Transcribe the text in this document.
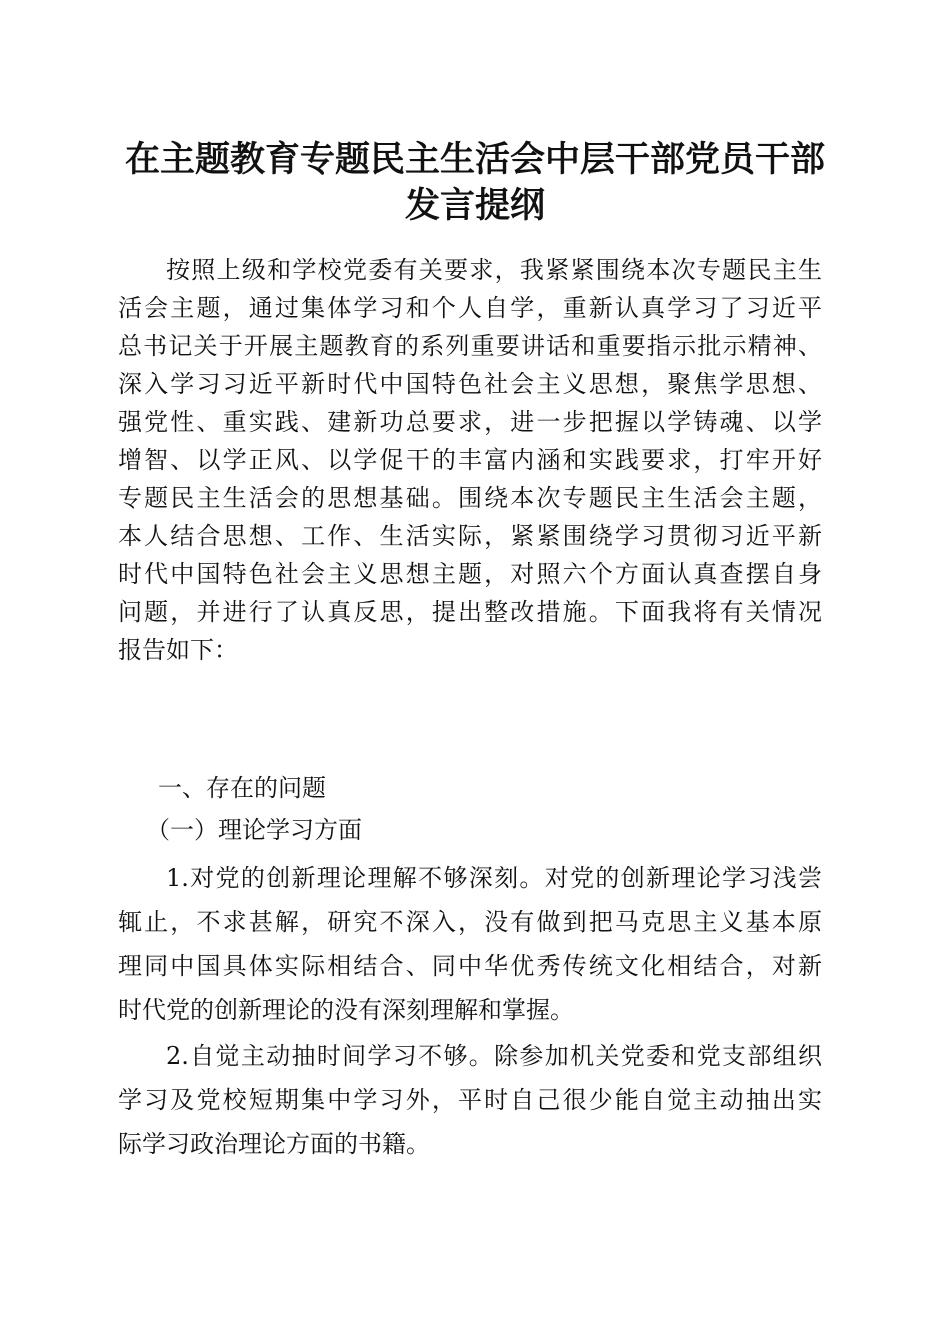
在主题教育专题民主生活会中层干部党员干部
发言提纲
按照上级和学校党委有关要求，我紧紧围绕本次专题民主生
活会主题，通过集体学习和个人自学，重新认真学习了习近平
总书记关于开展主题教育的系列重要讲话和重要指示批示精神、
深入学习习近平新时代中国特色社会主义思想，聚焦学思想、
强党性、重实践、建新功总要求，进一步把握以学铸魂、以学
增智、以学正风、以学促干的丰富内涵和实践要求，打牢开好
专题民主生活会的思想基础。围绕本次专题民主生活会主题，
本人结合思想、工作、生活实际，紧紧围绕学习贯彻习近平新
时代中国特色社会主义思想主题，对照六个方面认真查摆自身
问题，并进行了认真反思，提出整改措施。下面我将有关情况
报告如下：
一、存在的问题
（一）理论学习方面
1.对党的创新理论理解不够深刻。对党的创新理论学习浅尝
辄止，不求甚解，研究不深入，没有做到把马克思主义基本原
理同中国具体实际相结合、同中华优秀传统文化相结合，对新
时代党的创新理论的没有深刻理解和掌握。
2.自觉主动抽时间学习不够。除参加机关党委和党支部组织
学习及党校短期集中学习外，平时自己很少能自觉主动抽出实
际学习政治理论方面的书籍。
